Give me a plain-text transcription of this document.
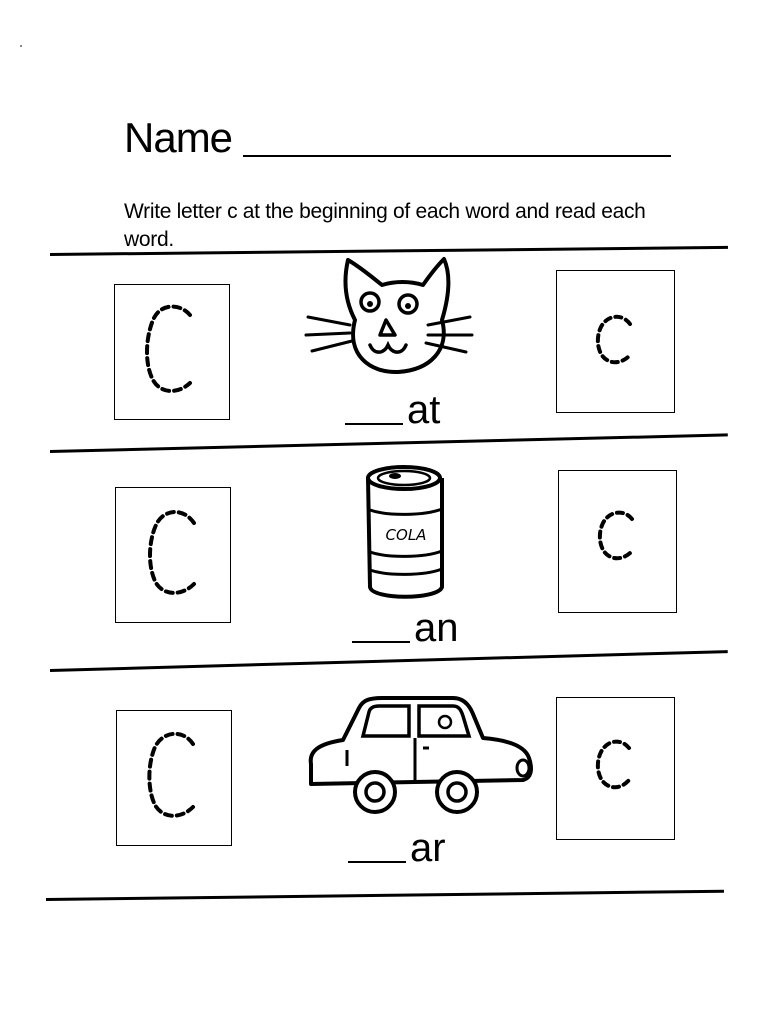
Name
Write letter c at the beginning of each word and read each word.
at
COLA
an
ar
